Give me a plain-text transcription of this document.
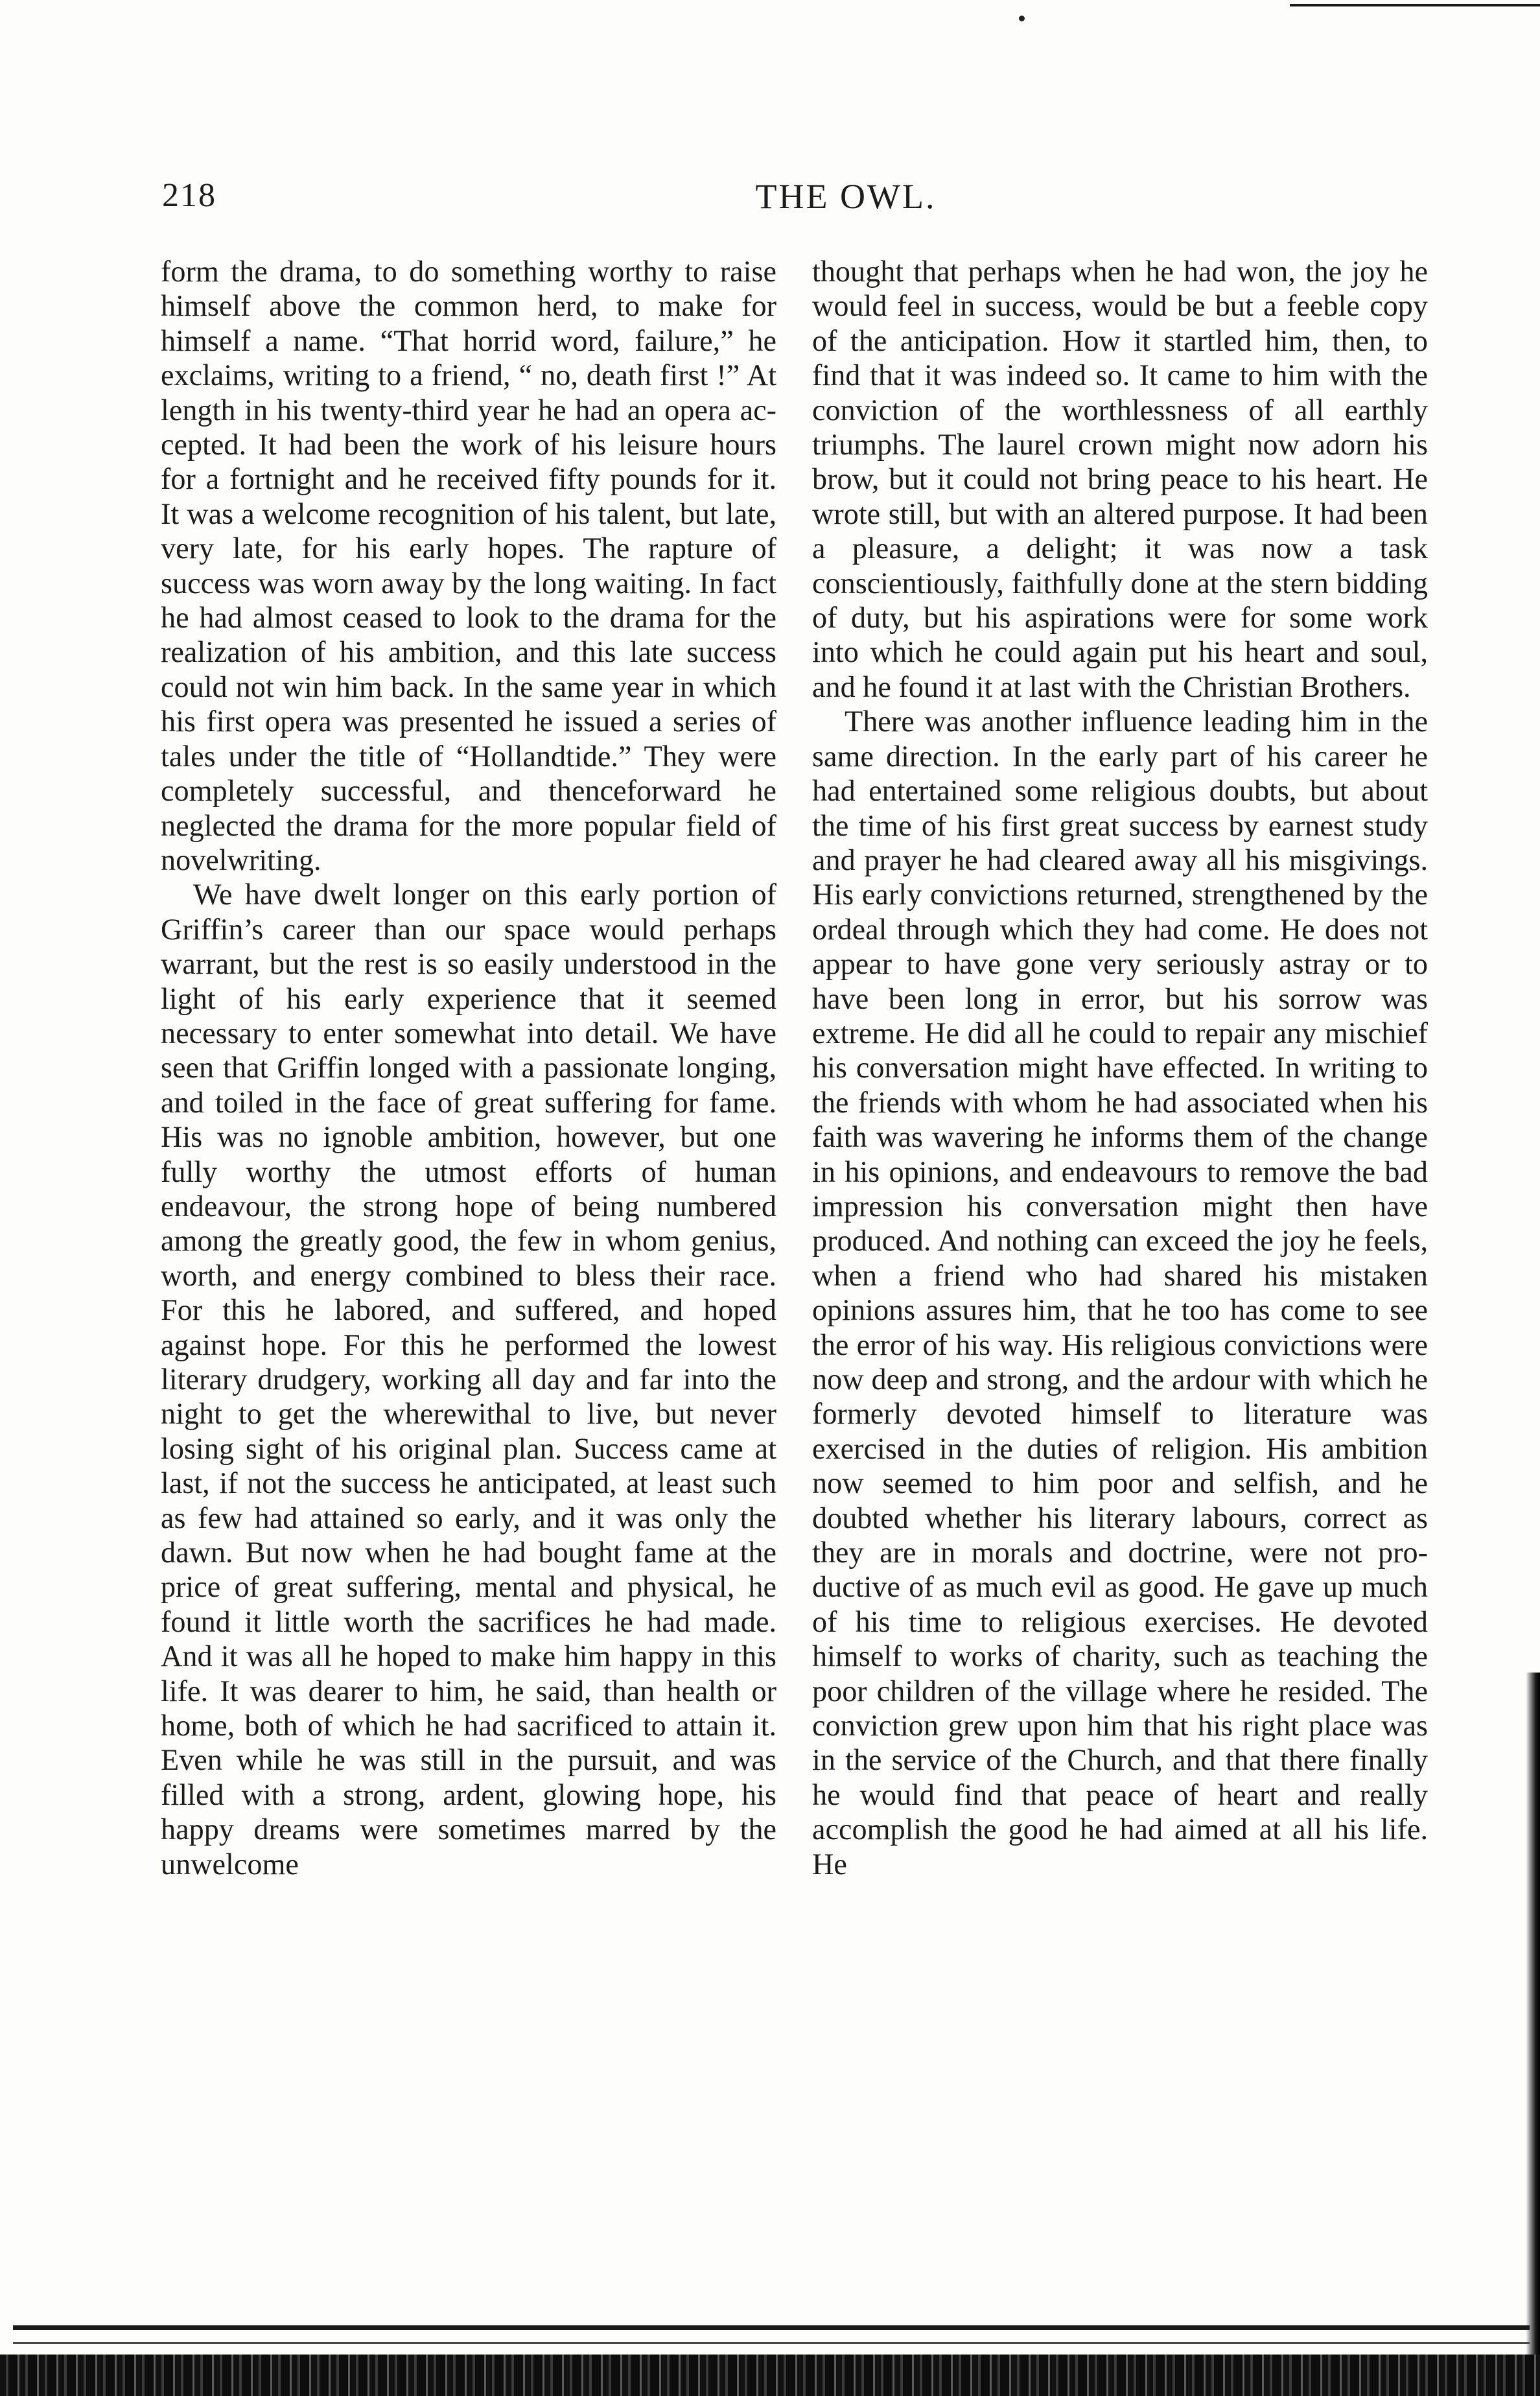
218	THE OWL.

form the drama, to do something worthy to raise himself above the common herd, to make for himself a name. “That horrid word, failure,” he exclaims, writing to a friend, “ no, death first !” At length in his twenty-third year he had an opera accepted. It had been the work of his leisure hours for a fortnight and he received fifty pounds for it. It was a welcome recognition of his talent, but late, very late, for his early hopes. The rapture of success was worn away by the long waiting. In fact he had almost ceased to look to the drama for the realization of his ambition, and this late success could not win him back. In the same year in which his first opera was presented he issued a series of tales under the title of “Hollandtide.” They were completely successful, and thenceforward he neglected the drama for the more popular field of novelwriting.

We have dwelt longer on this early portion of Griffin’s career than our space would perhaps warrant, but the rest is so easily understood in the light of his early experience that it seemed necessary to enter somewhat into detail. We have seen that Griffin longed with a passionate longing, and toiled in the face of great suffering for fame. His was no ignoble ambition, however, but one fully worthy the utmost efforts of human endeavour, the strong hope of being numbered among the greatly good, the few in whom genius, worth, and energy combined to bless their race. For this he labored, and suffered, and hoped against hope. For this he performed the lowest literary drudgery, working all day and far into the night to get the wherewithal to live, but never losing sight of his original plan. Success came at last, if not the success he anticipated, at least such as few had attained so early, and it was only the dawn. But now when he had bought fame at the price of great suffering, mental and physical, he found it little worth the sacrifices he had made. And it was all he hoped to make him happy in this life. It was dearer to him, he said, than health or home, both of which he had sacrificed to attain it. Even while he was still in the pursuit, and was filled with a strong, ardent, glowing hope, his happy dreams were sometimes marred by the unwelcome

thought that perhaps when he had won, the joy he would feel in success, would be but a feeble copy of the anticipation. How it startled him, then, to find that it was indeed so. It came to him with the conviction of the worthlessness of all earthly triumphs. The laurel crown might now adorn his brow, but it could not bring peace to his heart. He wrote still, but with an altered purpose. It had been a pleasure, a delight; it was now a task conscientiously, faithfully done at the stern bidding of duty, but his aspirations were for some work into which he could again put his heart and soul, and he found it at last with the Christian Brothers.

There was another influence leading him in the same direction. In the early part of his career he had entertained some religious doubts, but about the time of his first great success by earnest study and prayer he had cleared away all his misgivings. His early convictions returned, strengthened by the ordeal through which they had come. He does not appear to have gone very seriously astray or to have been long in error, but his sorrow was extreme. He did all he could to repair any mischief his conversation might have effected. In writing to the friends with whom he had associated when his faith was wavering he informs them of the change in his opinions, and endeavours to remove the bad impression his conversation might then have produced. And nothing can exceed the joy he feels, when a friend who had shared his mistaken opinions assures him, that he too has come to see the error of his way. His religious convictions were now deep and strong, and the ardour with which he formerly devoted himself to literature was exercised in the duties of religion. His ambition now seemed to him poor and selfish, and he doubted whether his literary labours, correct as they are in morals and doctrine, were not productive of as much evil as good. He gave up much of his time to religious exercises. He devoted himself to works of charity, such as teaching the poor children of the village where he resided. The conviction grew upon him that his right place was in the service of the Church, and that there finally he would find that peace of heart and really accomplish the good he had aimed at all his life. He
